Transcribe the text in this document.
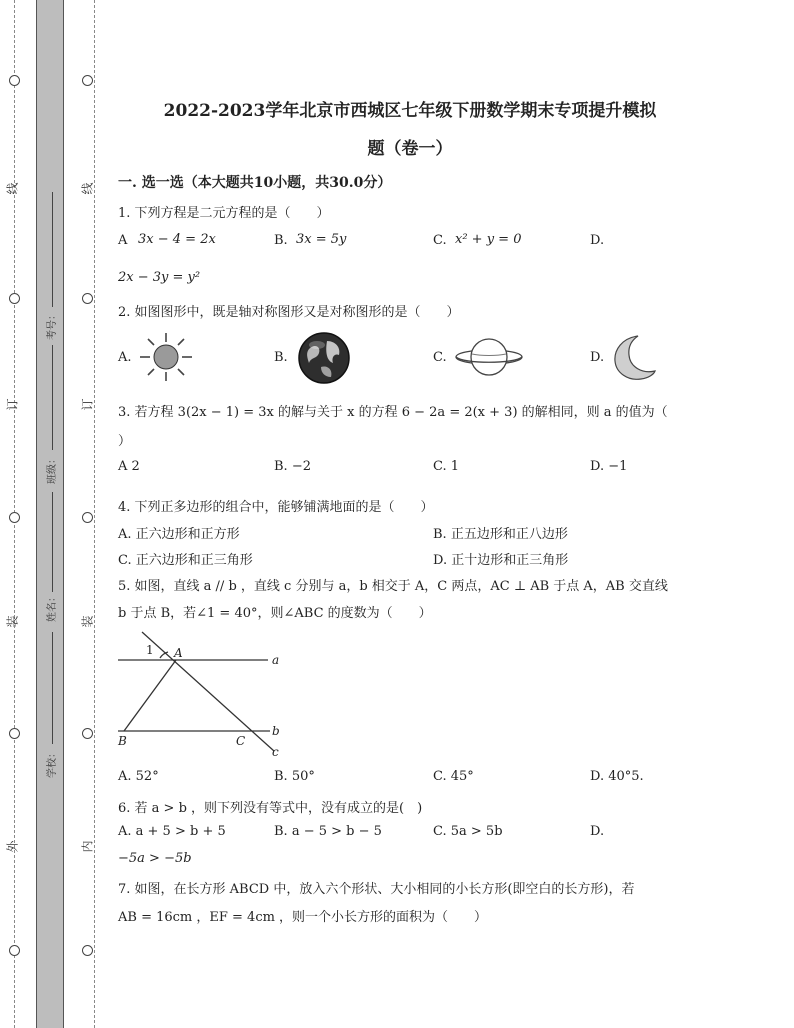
线
订
装
外
线
订
装
内
考号：
班级：
姓名：
学校：
2022-2023学年北京市西城区七年级下册数学期末专项提升模拟
题（卷一）
一. 选一选（本大题共10小题，共30.0分）
1. 下列方程是二元方程的是（　　）
A 3x − 4 = 2x	B. 3x = 5y	C. x² + y = 0	D.
2x − 3y = y²
2. 如图图形中，既是轴对称图形又是对称图形的是（　　）
A.	B.	C.	D.
3. 若方程 3(2x − 1) = 3x 的解与关于 x 的方程 6 − 2a = 2(x + 3) 的解相同，则 a 的值为（
）
A 2	B. −2	C. 1	D. −1
4. 下列正多边形的组合中，能够铺满地面的是（　　）
A. 正六边形和正方形	B. 正五边形和正八边形
C. 正六边形和正三角形	D. 正十边形和正三角形
5. 如图，直线 a // b ，直线 c 分别与 a，b 相交于 A，C 两点，AC ⊥ AB 于点 A，AB 交直线
b 于点 B，若∠1 = 40°，则∠ABC 的度数为（　　）
1 A	a
b
B	C
c
A. 52°	B. 50°	C. 45°	D. 40°5.
6. 若 a > b ，则下列没有等式中，没有成立的是(　)
A. a + 5 > b + 5	B. a − 5 > b − 5	C. 5a > 5b	D.
−5a > −5b
7. 如图，在长方形 ABCD 中，放入六个形状、大小相同的小长方形(即空白的长方形)，若
AB = 16cm ，EF = 4cm ，则一个小长方形的面积为（　　）
